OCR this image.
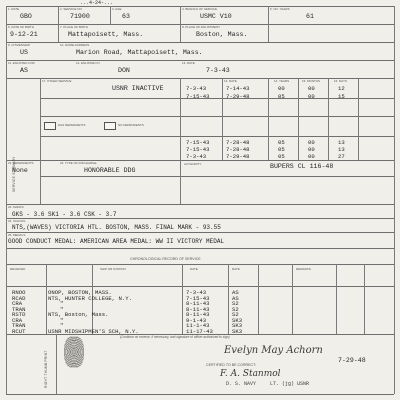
...4-24-...
1. RATE
GBO
2. SERVICE NO.
71900
3. AGE
63
4. BRANCH OF SERVICE
USMC V10
5. NO. YEARS
61
6. DATE OF BIRTH
9-12-21
7. PLACE OF BIRTH
Mattapoisett, Mass.
8. PLACE OF ENLISTMENT
Boston, Mass.
9. CITIZENSHIP
US
10. HOME ADDRESS
Marion Road, Mattapoisett, Mass.
11. ENLISTED FOR
AS
12. ENLISTED IN
DON
13. DATE
7-3-43
SERVICE SUMMARY
13. DATE	14. YEARS	15. MONTHS	16. DAYS
17. OTHER SERVICE
USNR INACTIVE	7-3-43	7-14-43	00	00	12
7-15-43	7-29-48	05	00	15
HAS DEPENDENTS	NO DEPENDENTS
7-15-43	7-28-48	05	00	13
7-15-43	7-28-48	05	00	13
7-3-43	7-29-48	05	00	27
AUTHORITY	BUPERS CL 116-48
21. DEPENDENTS
None
22. TYPE OF DISCHARGE
HONORABLE DDG
23. MARKS
GKS - 3.6 SK1 - 3.6 CSK - 3.7
24. SCHOOL
NTS,(WAVES) VICTORIA HTL. BOSTON, MASS. FINAL MARK - 93.55
25. MEDALS
GOOD CONDUCT MEDAL: AMERICAN AREA MEDAL: WW II VICTORY MEDAL
CHRONOLOGICAL RECORD OF SERVICE
RECEIVED	SHIP OR STATION	DATE	RATE	REMARKS
RNOO	ONOP, BOSTON, MASS.	7-3-43	AS
RCAD	NTS, HUNTER COLLEGE, N.Y.	7-15-43	AS
CRA	"	8-11-43	S2
TRAN	"	8-11-43	S2
RSTD	NTS, Boston, Mass.	8-11-43	S2
CRA	"	9-1-43	SK3
TRAN	"	11-1-43	SK3
RCUT	USNR MIDSHIPMEN'S SCH, N.Y.	11-17-43	SK3
(Continue on reverse, if necessary, and signature of officer authorized to sign)
RIGHT THUMB PRINT	Evelyn May Achorn
CERTIFIED TO BE CORRECT:
F. A. Stanmol
7-29-48
D. S. NAVY	LT. (jg) USNR
